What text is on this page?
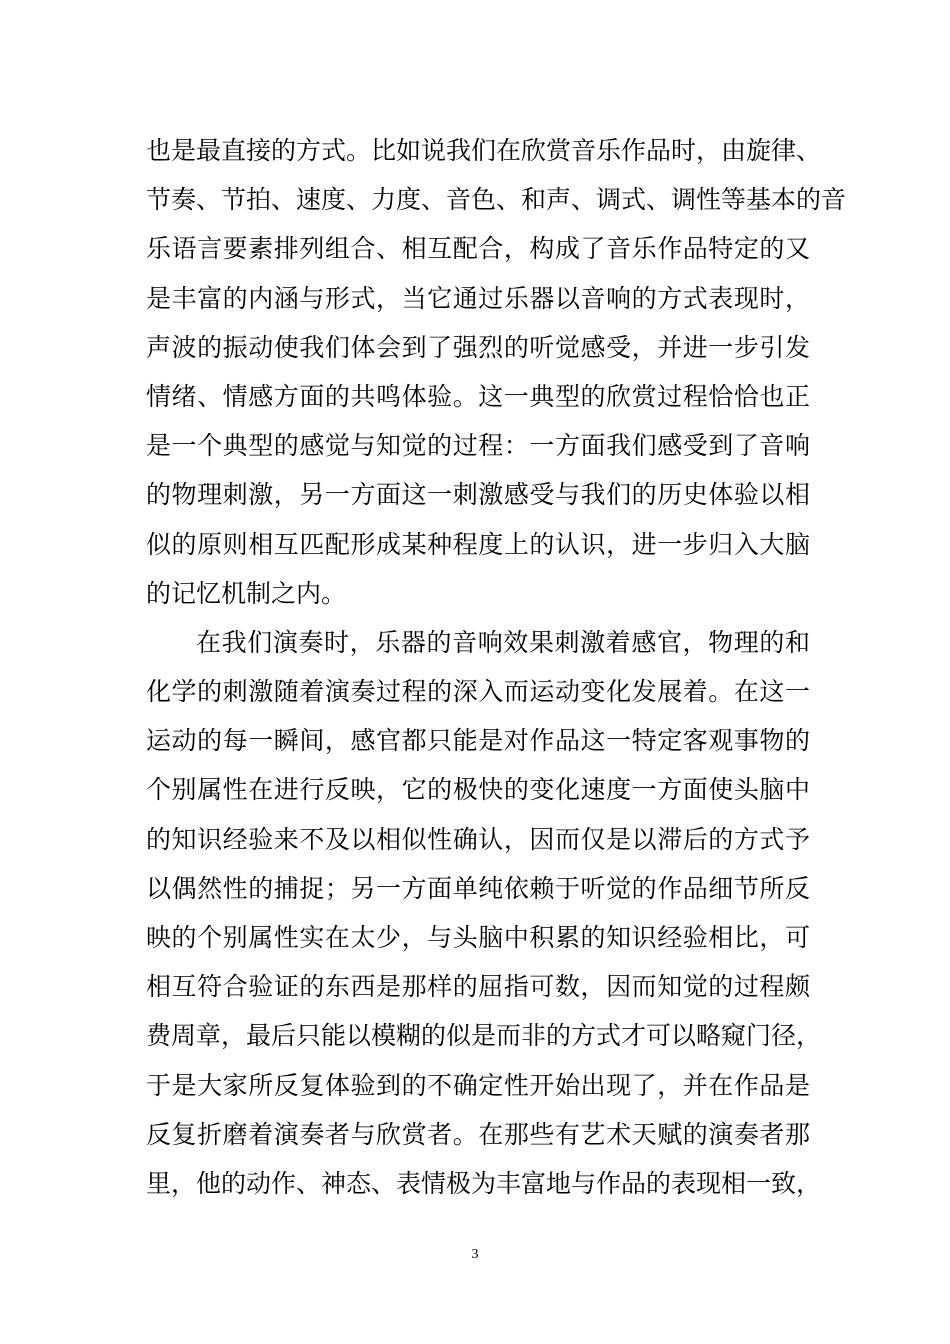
也是最直接的方式。比如说我们在欣赏音乐作品时，由旋律、
节奏、节拍、速度、力度、音色、和声、调式、调性等基本的音
乐语言要素排列组合、相互配合，构成了音乐作品特定的又
是丰富的内涵与形式，当它通过乐器以音响的方式表现时，
声波的振动使我们体会到了强烈的听觉感受，并进一步引发
情绪、情感方面的共鸣体验。这一典型的欣赏过程恰恰也正
是一个典型的感觉与知觉的过程：一方面我们感受到了音响
的物理刺激，另一方面这一刺激感受与我们的历史体验以相
似的原则相互匹配形成某种程度上的认识，进一步归入大脑
的记忆机制之内。
在我们演奏时，乐器的音响效果刺激着感官，物理的和
化学的刺激随着演奏过程的深入而运动变化发展着。在这一
运动的每一瞬间，感官都只能是对作品这一特定客观事物的
个别属性在进行反映，它的极快的变化速度一方面使头脑中
的知识经验来不及以相似性确认，因而仅是以滞后的方式予
以偶然性的捕捉；另一方面单纯依赖于听觉的作品细节所反
映的个别属性实在太少，与头脑中积累的知识经验相比，可
相互符合验证的东西是那样的屈指可数，因而知觉的过程颇
费周章，最后只能以模糊的似是而非的方式才可以略窥门径，
于是大家所反复体验到的不确定性开始出现了，并在作品是
反复折磨着演奏者与欣赏者。在那些有艺术天赋的演奏者那
里，他的动作、神态、表情极为丰富地与作品的表现相一致，
3
